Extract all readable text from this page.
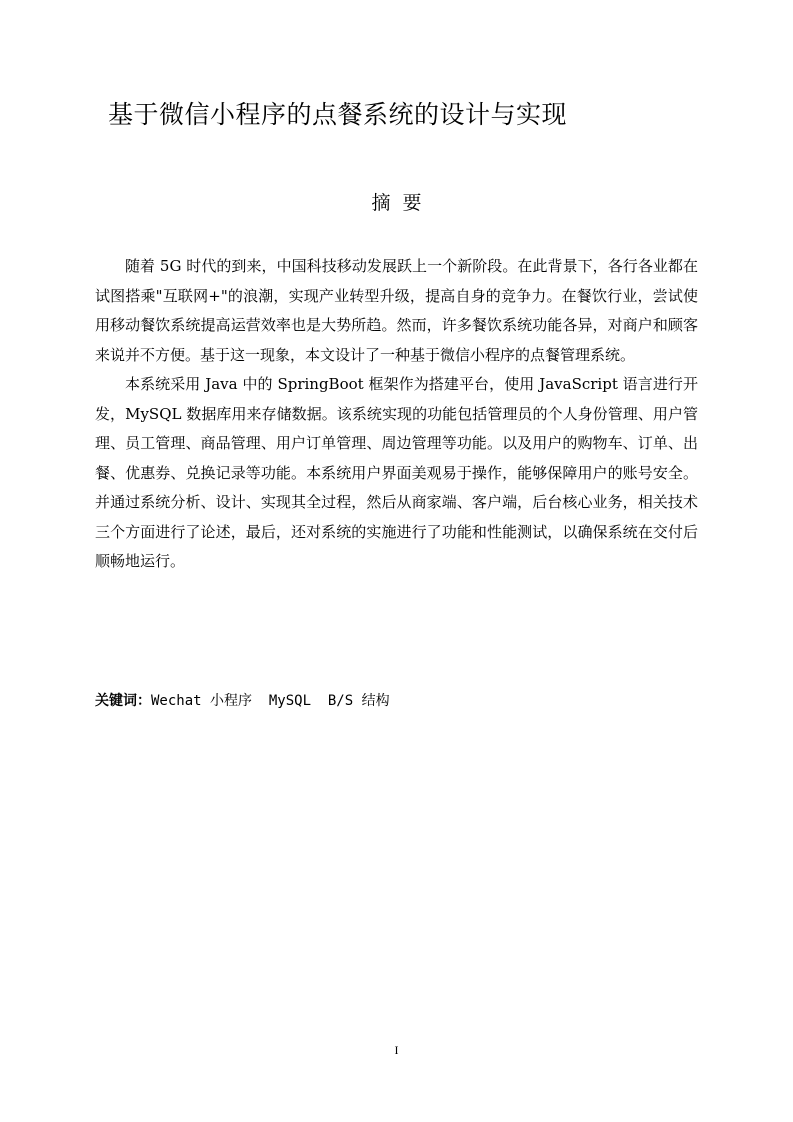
基于微信小程序的点餐系统的设计与实现
摘要

随着 5G 时代的到来，中国科技移动发展跃上一个新阶段。在此背景下，各行各业都在试图搭乘"互联网+"的浪潮，实现产业转型升级，提高自身的竞争力。在餐饮行业，尝试使用移动餐饮系统提高运营效率也是大势所趋。然而，许多餐饮系统功能各异，对商户和顾客来说并不方便。基于这一现象，本文设计了一种基于微信小程序的点餐管理系统。

本系统采用 Java 中的 SpringBoot 框架作为搭建平台，使用 JavaScript 语言进行开发，MySQL 数据库用来存储数据。该系统实现的功能包括管理员的个人身份管理、用户管理、员工管理、商品管理、用户订单管理、周边管理等功能。以及用户的购物车、订单、出餐、优惠券、兑换记录等功能。本系统用户界面美观易于操作，能够保障用户的账号安全。并通过系统分析、设计、实现其全过程，然后从商家端、客户端，后台核心业务，相关技术三个方面进行了论述，最后，还对系统的实施进行了功能和性能测试，以确保系统在交付后顺畅地运行。

关键词：Wechat 小程序  MySQL  B/S 结构
I
